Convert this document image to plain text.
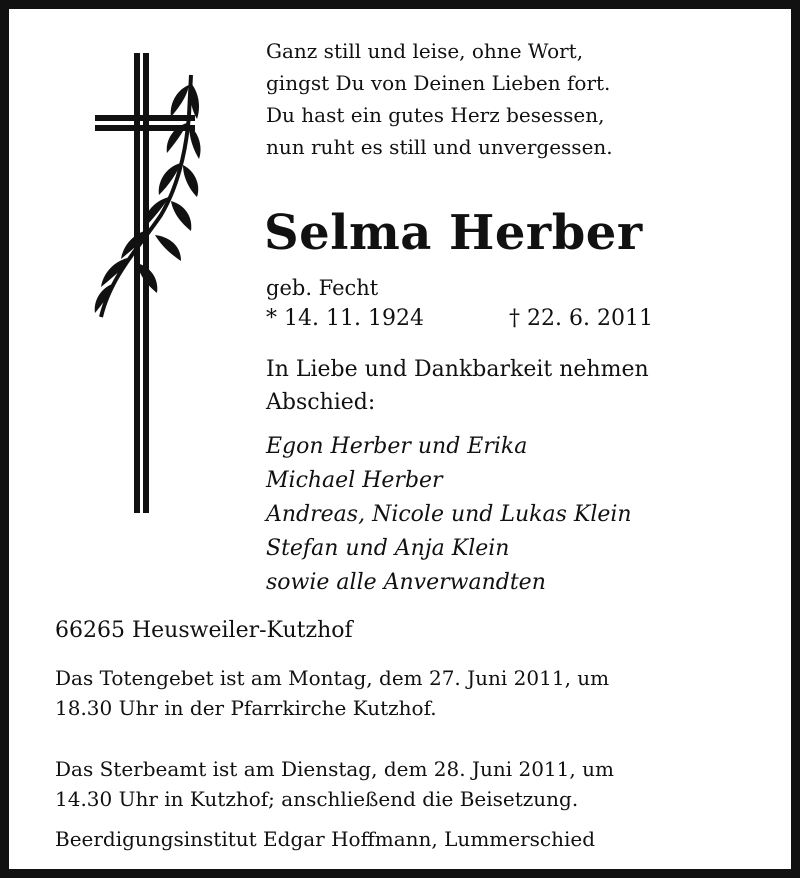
Ganz still und leise, ohne Wort,
gingst Du von Deinen Lieben fort.
Du hast ein gutes Herz besessen,
nun ruht es still und unvergessen.
Selma Herber
geb. Fecht
* 14. 11. 1924	† 22. 6. 2011
In Liebe und Dankbarkeit nehmen
Abschied:
Egon Herber und Erika
Michael Herber
Andreas, Nicole und Lukas Klein
Stefan und Anja Klein
sowie alle Anverwandten
66265 Heusweiler-Kutzhof
Das Totengebet ist am Montag, dem 27. Juni 2011, um
18.30 Uhr in der Pfarrkirche Kutzhof.
Das Sterbeamt ist am Dienstag, dem 28. Juni 2011, um
14.30 Uhr in Kutzhof; anschließend die Beisetzung.
Beerdigungsinstitut Edgar Hoffmann, Lummerschied
